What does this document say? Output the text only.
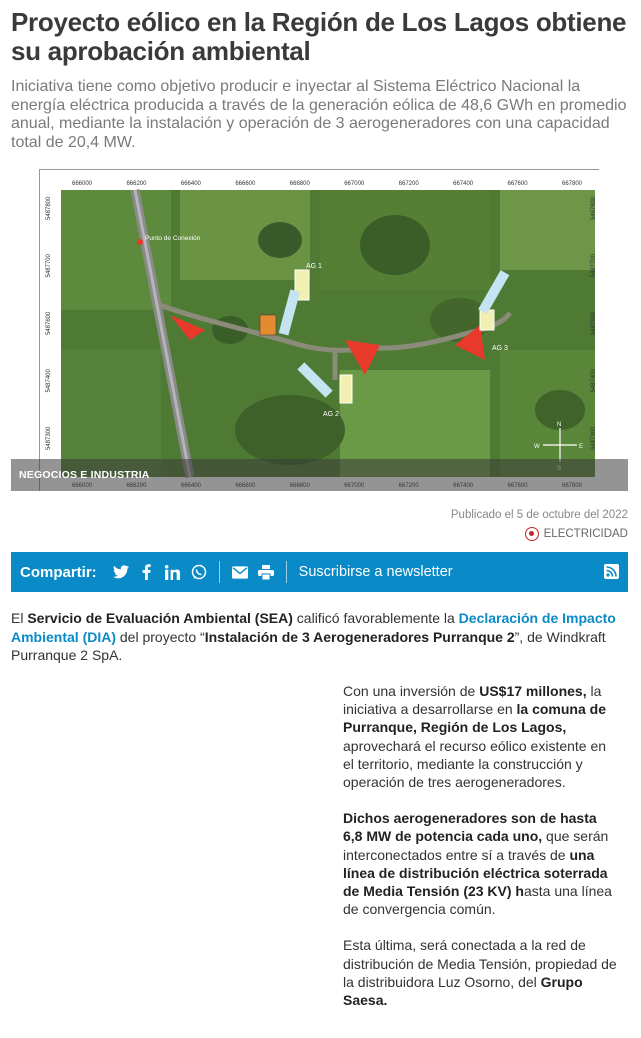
Proyecto eólico en la Región de Los Lagos obtiene su aprobación ambiental

Iniciativa tiene como objetivo producir e inyectar al Sistema Eléctrico Nacional la energía eléctrica producida a través de la generación eólica de 48,6 GWh en promedio anual, mediante la instalación y operación de 3 aerogeneradores con una capacidad total de 20,4 MW.

666000	666200	666400	666600	666800	667000	667200	667400	667600	667800
5487800	5487800
5487700	5487700
5487600	5487600
5487400	5487400
5487300	5487300
Punto de Conexión
AG 1
AG 2
AG 3
N
E
W
NEGOCIOS E INDUSTRIA
Publicado el 5 de octubre del 2022
ELECTRICIDAD
Compartir:	Suscribirse a newsletter

El Servicio de Evaluación Ambiental (SEA) calificó favorablemente la Declaración de Impacto Ambiental (DIA) del proyecto “Instalación de 3 Aerogeneradores Purranque 2”, de Windkraft Purranque 2 SpA.

Con una inversión de US$17 millones, la iniciativa a desarrollarse en la comuna de Purranque, Región de Los Lagos, aprovechará el recurso eólico existente en el territorio, mediante la construcción y operación de tres aerogeneradores.

Dichos aerogeneradores son de hasta 6,8 MW de potencia cada uno, que serán interconectados entre sí a través de una línea de distribución eléctrica soterrada de Media Tensión (23 KV) hasta una línea de convergencia común.

Esta última, será conectada a la red de distribución de Media Tensión, propiedad de la distribuidora Luz Osorno, del Grupo Saesa.
